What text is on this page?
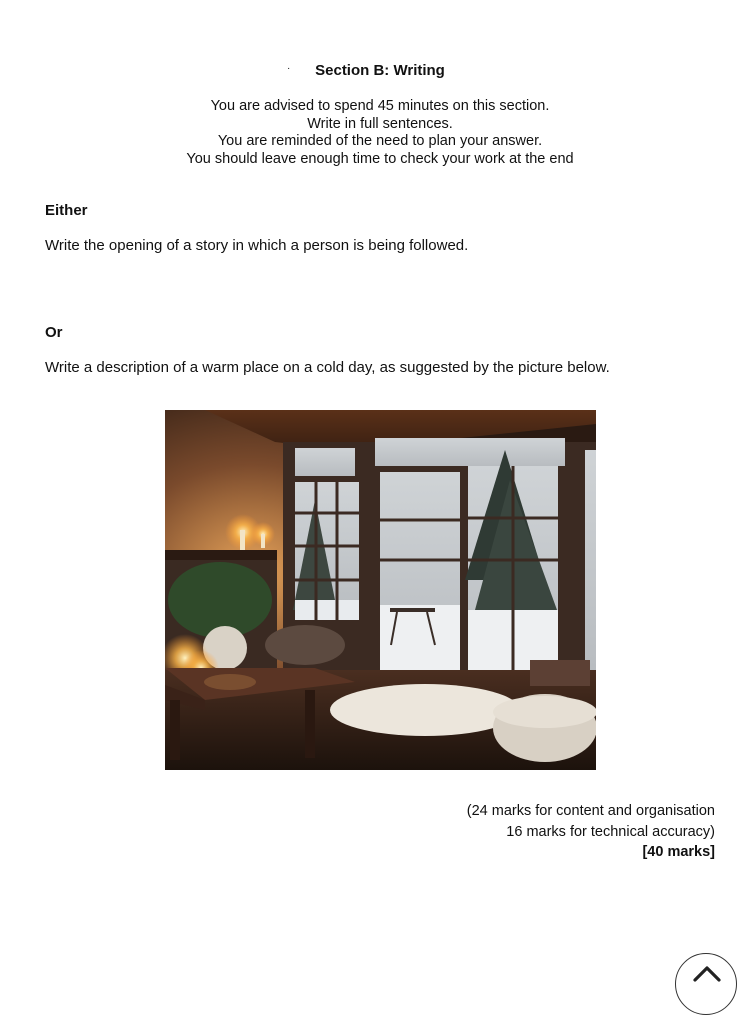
·	Section B: Writing
You are advised to spend 45 minutes on this section.
Write in full sentences.
You are reminded of the need to plan your answer.
You should leave enough time to check your work at the end
Either
Write the opening of a story in which a person is being followed.
Or
Write a description of a warm place on a cold day, as suggested by the picture below.
(24 marks for content and organisation
16 marks for technical accuracy)
[40 marks]
